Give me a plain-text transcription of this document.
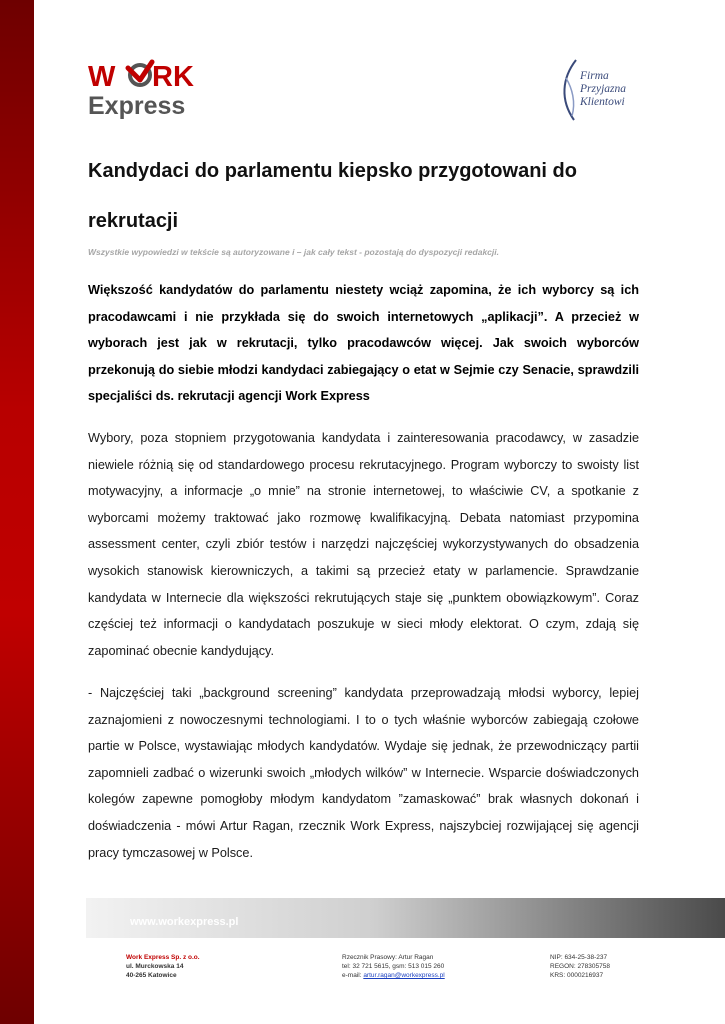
W RK
Express
Firma
Przyjazna
Klientowi
Kandydaci do parlamentu kiepsko przygotowani do rekrutacji
Wszystkie wypowiedzi w tekście są autoryzowane i – jak cały tekst - pozostają do dyspozycji redakcji.

Większość kandydatów do parlamentu niestety wciąż zapomina, że ich wyborcy są ich pracodawcami i nie przykłada się do swoich internetowych „aplikacji”. A przecież w wyborach jest jak w rekrutacji, tylko pracodawców więcej. Jak swoich wyborców przekonują do siebie młodzi kandydaci zabiegający o etat w Sejmie czy Senacie, sprawdzili specjaliści ds. rekrutacji agencji Work Express

Wybory, poza stopniem przygotowania kandydata i zainteresowania pracodawcy, w zasadzie niewiele różnią się od standardowego procesu rekrutacyjnego. Program wyborczy to swoisty list motywacyjny, a informacje „o mnie” na stronie internetowej, to właściwie CV, a spotkanie z wyborcami możemy traktować jako rozmowę kwalifikacyjną. Debata natomiast przypomina assessment center, czyli zbiór testów i narzędzi najczęściej wykorzystywanych do obsadzenia wysokich stanowisk kierowniczych, a takimi są przecież etaty w parlamencie. Sprawdzanie kandydata w Internecie dla większości rekrutujących staje się „punktem obowiązkowym”. Coraz częściej też informacji o kandydatach poszukuje w sieci młody elektorat. O czym, zdają się zapominać obecnie kandydujący.

- Najczęściej taki „background screening” kandydata przeprowadzają młodsi wyborcy, lepiej zaznajomieni z nowoczesnymi technologiami. I to o tych właśnie wyborców zabiegają czołowe partie w Polsce, wystawiając młodych kandydatów. Wydaje się jednak, że przewodniczący partii zapomnieli zadbać o wizerunki swoich „młodych wilków” w Internecie. Wsparcie doświadczonych kolegów zapewne pomogłoby młodym kandydatom ”zamaskować” brak własnych dokonań i doświadczenia - mówi Artur Ragan, rzecznik Work Express, najszybciej rozwijającej się agencji pracy tymczasowej w Polsce.

www.workexpress.pl
Work Express Sp. z o.o.
ul. Murckowska 14
40-265 Katowice
Rzecznik Prasowy: Artur Ragan
tel: 32 721 5615, gsm: 513 015 260
e-mail: artur.ragan@workexpress.pl
NIP: 634-25-38-237
REGON: 278305758
KRS: 0000216937
